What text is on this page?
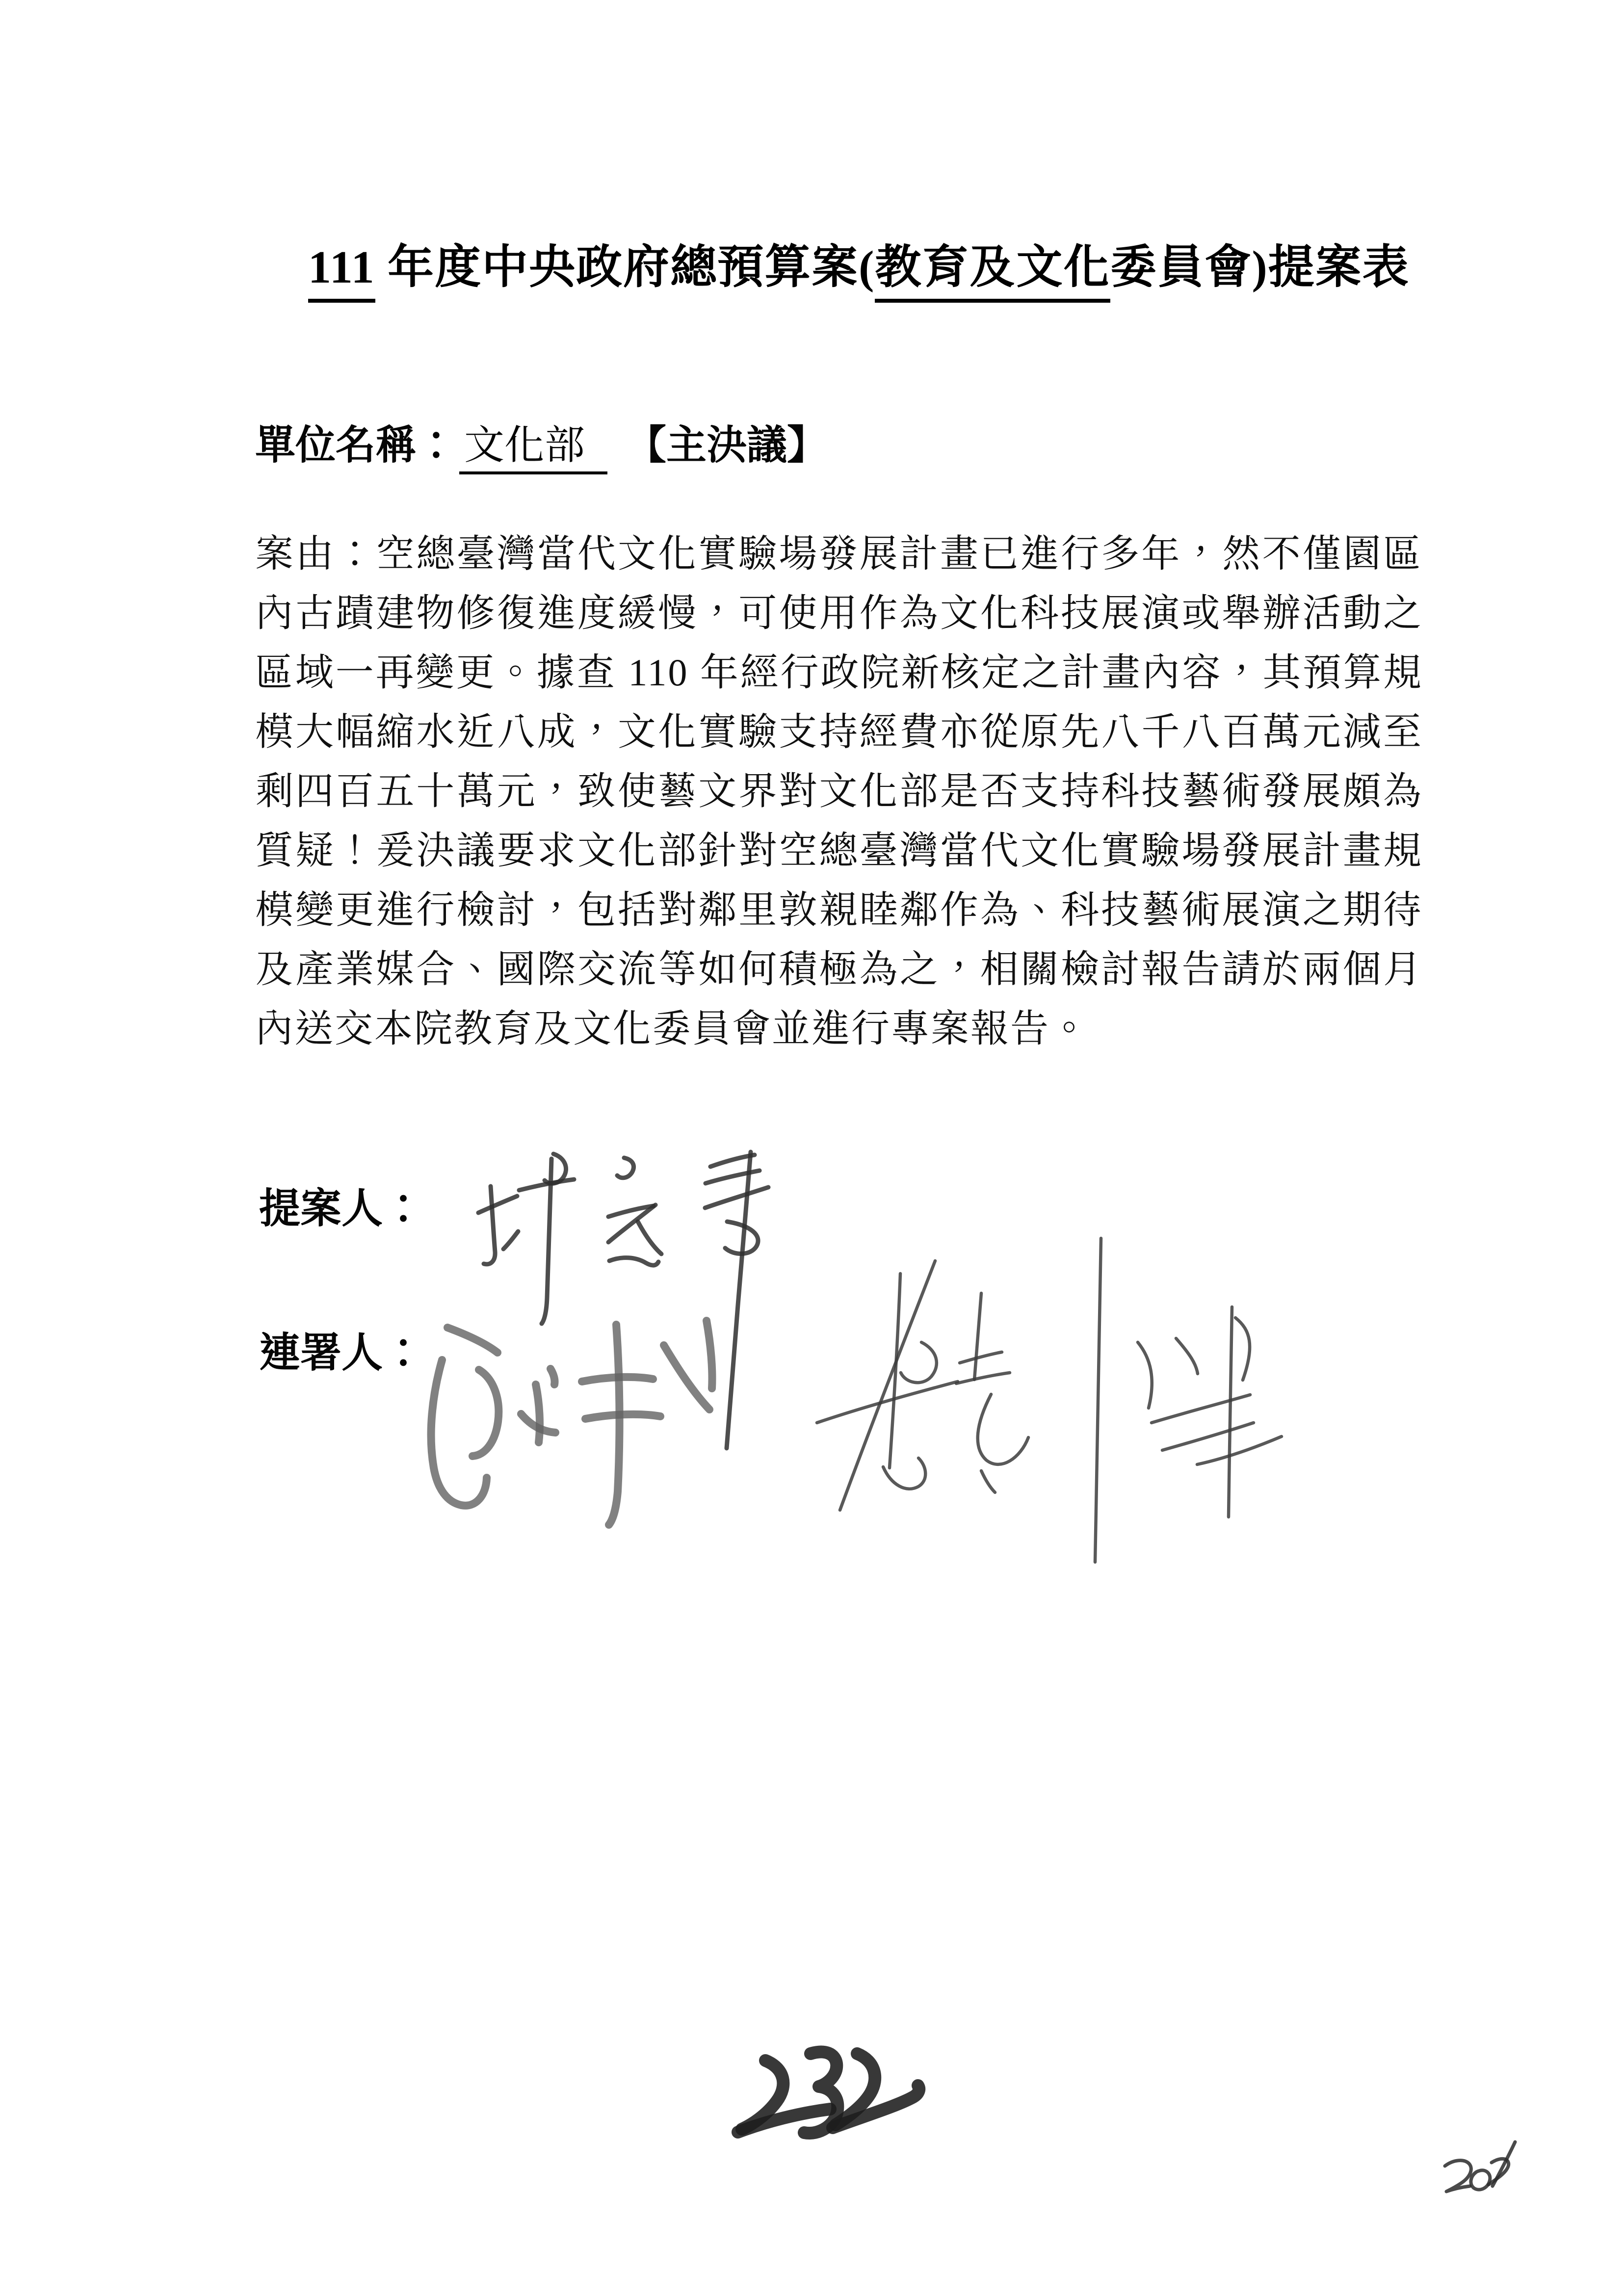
111 年度中央政府總預算案(教育及文化委員會)提案表
單位名稱： 文化部 【主決議】
案由：空總臺灣當代文化實驗場發展計畫已進行多年，然不僅園區
內古蹟建物修復進度緩慢，可使用作為文化科技展演或舉辦活動之
區域一再變更。據查 110 年經行政院新核定之計畫內容，其預算規
模大幅縮水近八成，文化實驗支持經費亦從原先八千八百萬元減至
剩四百五十萬元，致使藝文界對文化部是否支持科技藝術發展頗為
質疑！爰決議要求文化部針對空總臺灣當代文化實驗場發展計畫規
模變更進行檢討，包括對鄰里敦親睦鄰作為、科技藝術展演之期待
及產業媒合、國際交流等如何積極為之，相關檢討報告請於兩個月
內送交本院教育及文化委員會並進行專案報告。
提案人：
連署人：
